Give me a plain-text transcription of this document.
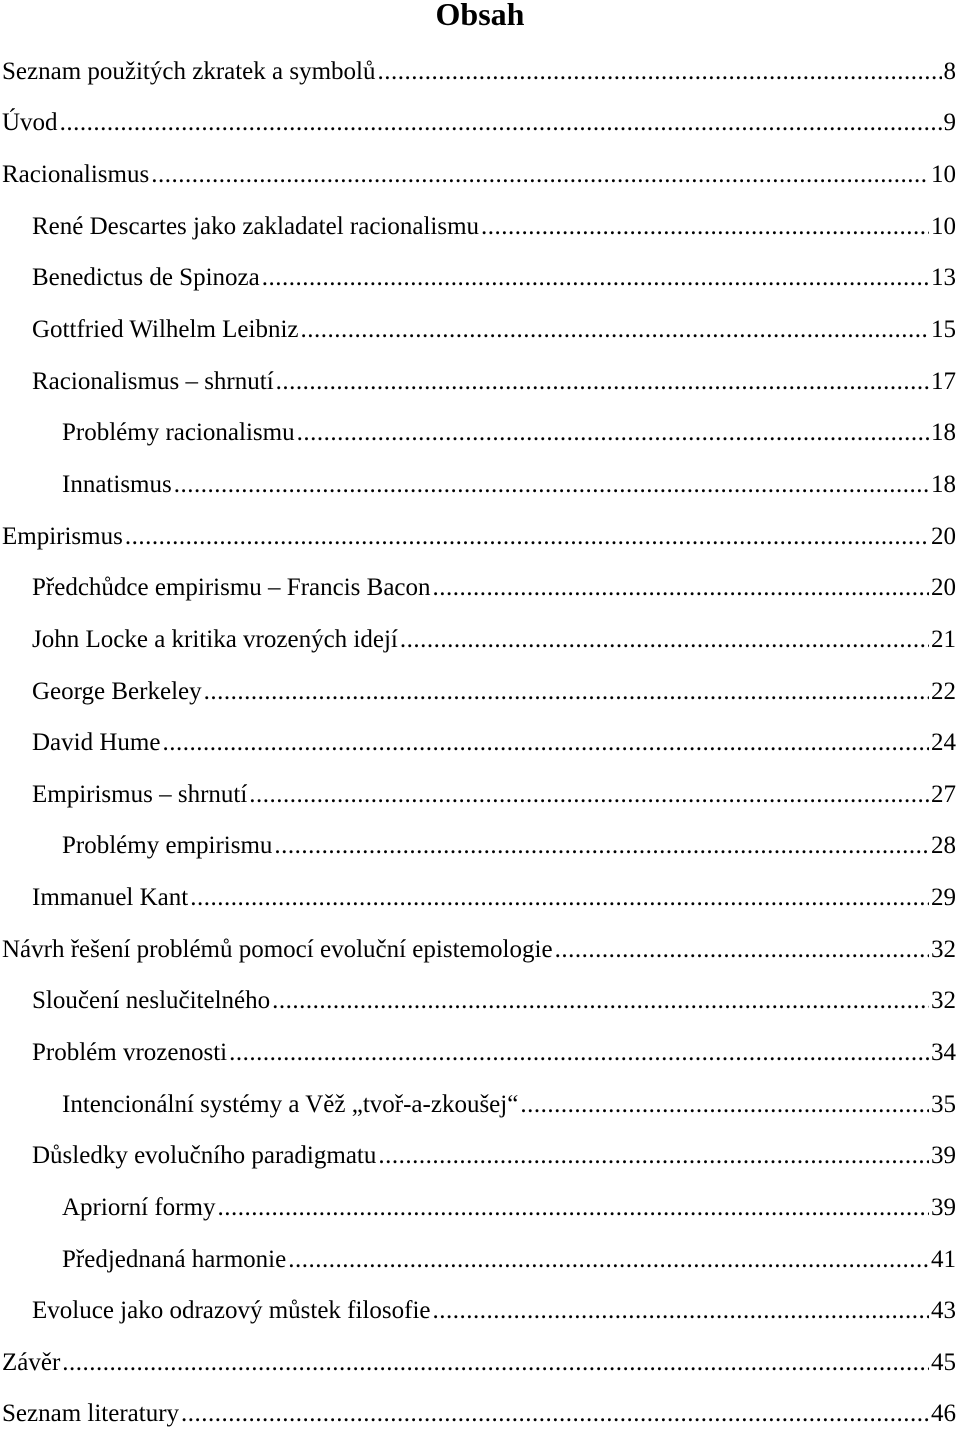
Obsah
Seznam použitých zkratek a symbolů .....	8
Úvod .....	9
Racionalismus .....	10
René Descartes jako zakladatel racionalismu .....	10
Benedictus de Spinoza .....	13
Gottfried Wilhelm Leibniz .....	15
Racionalismus – shrnutí .....	17
Problémy racionalismu .....	18
Innatismus .....	18
Empirismus .....	20
Předchůdce empirismu – Francis Bacon .....	20
John Locke a kritika vrozených idejí .....	21
George Berkeley .....	22
David Hume .....	24
Empirismus – shrnutí .....	27
Problémy empirismu .....	28
Immanuel Kant .....	29
Návrh řešení problémů pomocí evoluční epistemologie .....	32
Sloučení neslučitelného .....	32
Problém vrozenosti .....	34
Intencionální systémy a Věž „tvoř-a-zkoušej“ .....	35
Důsledky evolučního paradigmatu .....	39
Apriorní formy .....	39
Předjednaná harmonie .....	41
Evoluce jako odrazový můstek filosofie .....	43
Závěr .....	45
Seznam literatury .....	46
